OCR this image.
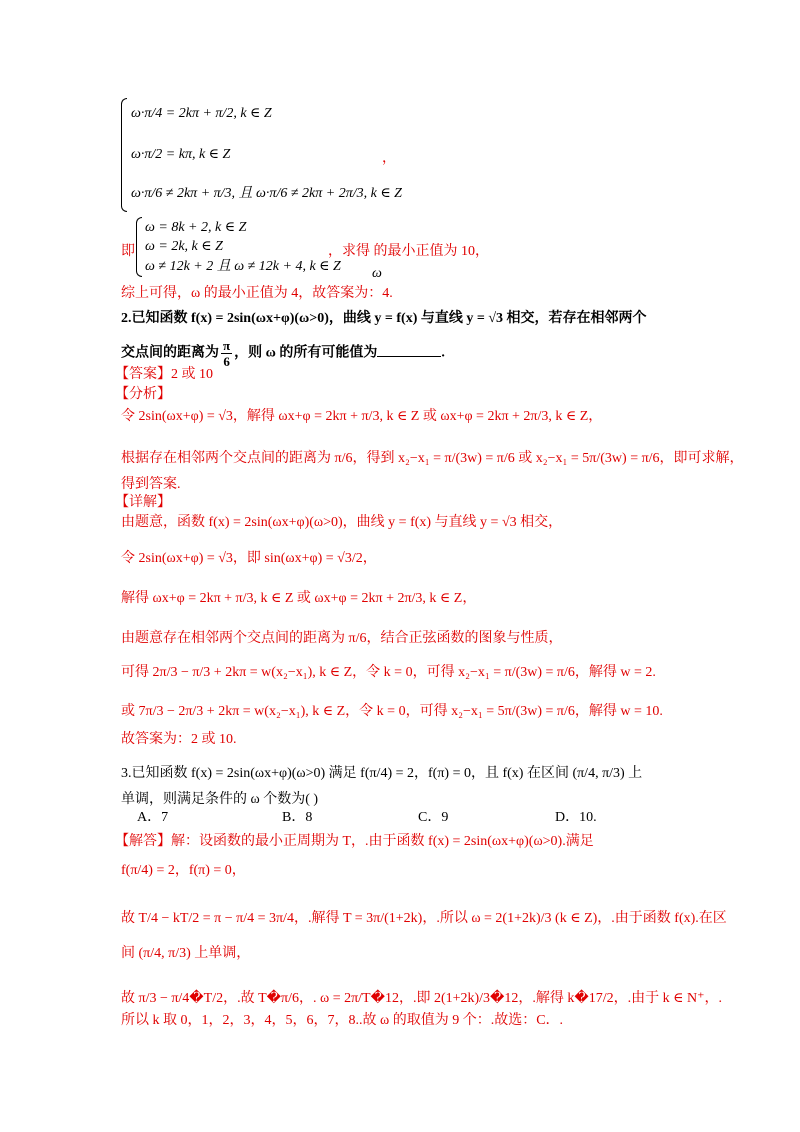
ω·π/4 = 2kπ + π/2, k ∈ Z
ω·π/2 = kπ, k ∈ Z
ω·π/6 ≠ 2kπ + π/3, 且 ω·π/6 ≠ 2kπ + 2π/3, k ∈ Z
，
即
ω = 8k + 2, k ∈ Z
ω = 2k, k ∈ Z
ω ≠ 12k + 2 且 ω ≠ 12k + 4, k ∈ Z
，求得 的最小正值为 10，
ω
综上可得，ω 的最小正值为 4，故答案为：4.
2.已知函数 f(x) = 2sin(ωx+φ)(ω>0)，曲线 y = f(x) 与直线 y = √3 相交，若存在相邻两个
交点间的距离为 $\frac{\pi}{6}$ ，则 ω 的所有可能值为	.
【答案】2 或 10
【分析】
令 2sin(ωx+φ) = √3，解得 ωx+φ = 2kπ + π/3, k ∈ Z 或 ωx+φ = 2kπ + 2π/3, k ∈ Z，
根据存在相邻两个交点间的距离为 π/6，得到 x₂−x₁ = π/(3w) = π/6 或 x₂−x₁ = 5π/(3w) = π/6，即可求解，
得到答案.
【详解】
由题意，函数 f(x) = 2sin(ωx+φ)(ω>0)，曲线 y = f(x) 与直线 y = √3 相交，
令 2sin(ωx+φ) = √3，即 sin(ωx+φ) = √3/2，
解得 ωx+φ = 2kπ + π/3, k ∈ Z 或 ωx+φ = 2kπ + 2π/3, k ∈ Z，
由题意存在相邻两个交点间的距离为 π/6，结合正弦函数的图象与性质，
可得 2π/3 − π/3 + 2kπ = w(x₂−x₁), k ∈ Z，令 k = 0，可得 x₂−x₁ = π/(3w) = π/6，解得 w = 2.
或 7π/3 − 2π/3 + 2kπ = w(x₂−x₁), k ∈ Z，令 k = 0，可得 x₂−x₁ = 5π/(3w) = π/6，解得 w = 10.
故答案为：2 或 10.
3.已知函数 f(x) = 2sin(ωx+φ)(ω>0) 满足 f(π/4) = 2，f(π) = 0，且 f(x) 在区间 (π/4, π/3) 上
单调，则满足条件的 ω 个数为( )
A．7	B．8	C．9	D．10.
【解答】解：设函数的最小正周期为 T，.由于函数 f(x) = 2sin(ωx+φ)(ω>0).满足
f(π/4) = 2，f(π) = 0，
故 T/4 − kT/2 = π − π/4 = 3π/4，.解得 T = 3π/(1+2k)，.所以 ω = 2(1+2k)/3 (k ∈ Z)，.由于函数 f(x).在区
间 (π/4, π/3) 上单调，
故 π/3 − π/4�T/2，.故 T�π/6，. ω = 2π/T�12，.即 2(1+2k)/3�12，.解得 k�17/2，.由于 k ∈ N⁺，.
所以 k 取 0，1，2，3，4，5，6，7，8..故 ω 的取值为 9 个：.故选：C．.
